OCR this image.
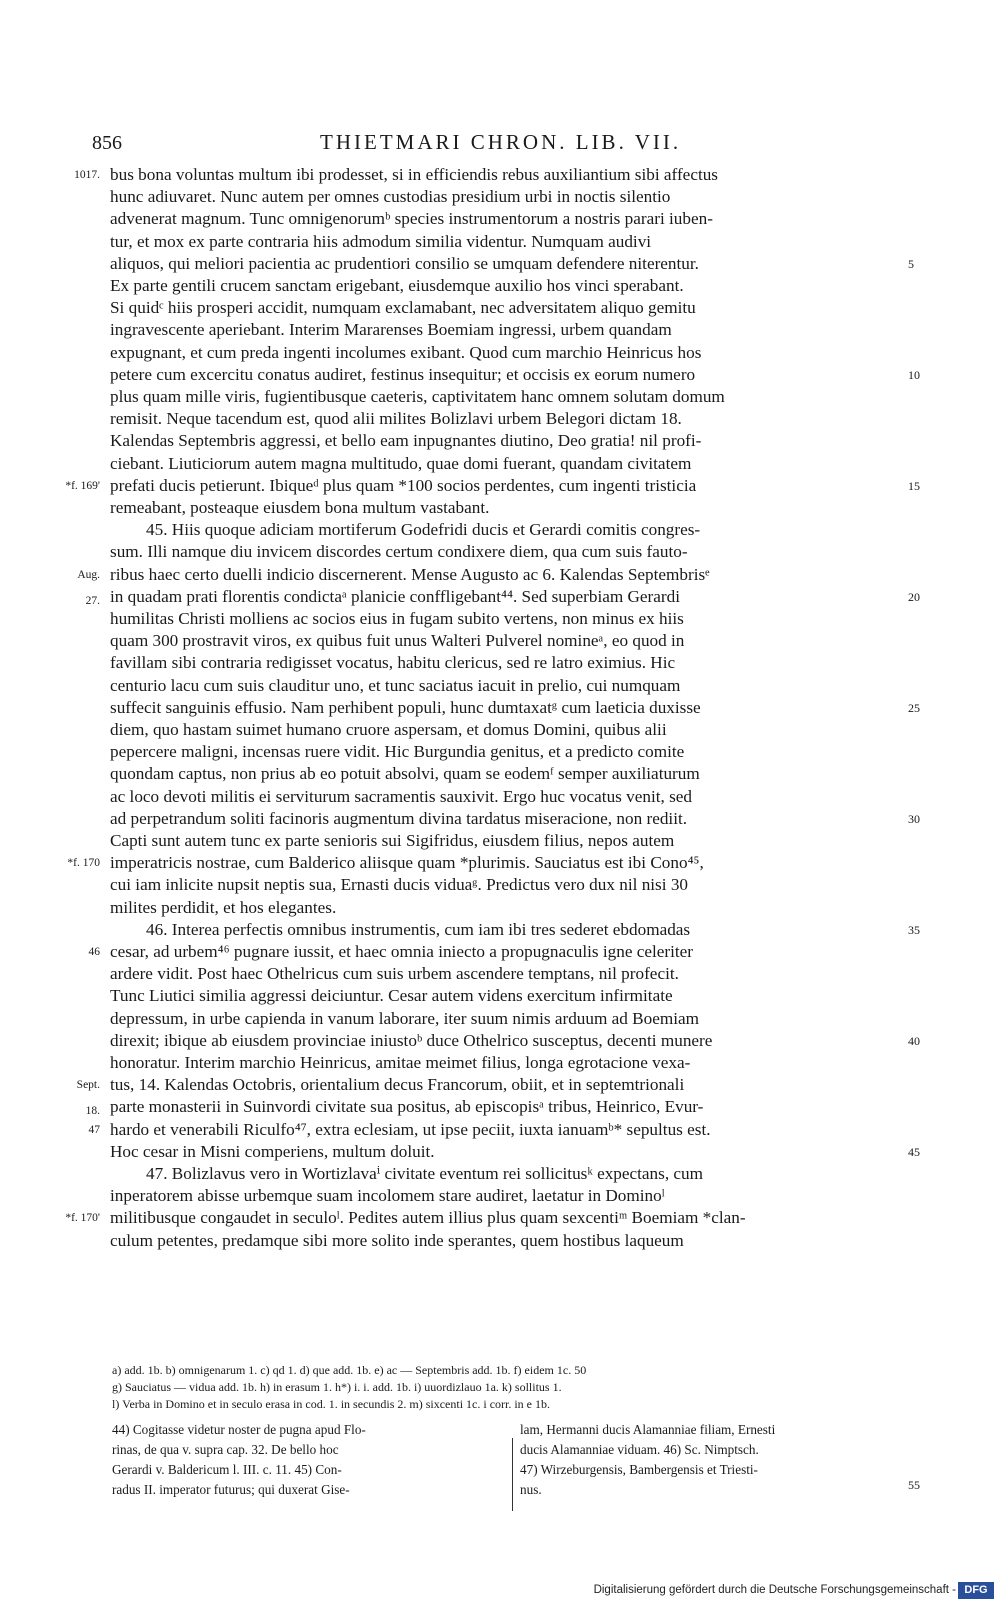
856	THIETMARI CHRON. LIB. VII.
bus bona voluntas multum ibi prodesset, si in efficiendis rebus auxiliantium sibi affectus
hunc adiuvaret. Nunc autem per omnes custodias presidium urbi in noctis silentio
advenerat magnum. Tunc omnigenorumᵇ species instrumentorum a nostris parari iuben-
tur, et mox ex parte contraria hiis admodum similia videntur. Numquam audivi
aliquos, qui meliori pacientia ac prudentiori consilio se umquam defendere niterentur.
Ex parte gentili crucem sanctam erigebant, eiusdemque auxilio hos vinci sperabant.
Si quidᶜ hiis prosperi accidit, numquam exclamabant, nec adversitatem aliquo gemitu
ingravescente aperiebant. Interim Mararenses Boemiam ingressi, urbem quandam
expugnant, et cum preda ingenti incolumes exibant. Quod cum marchio Heinricus hos
petere cum excercitu conatus audiret, festinus insequitur; et occisis ex eorum numero
plus quam mille viris, fugientibusque caeteris, captivitatem hanc omnem solutam domum
remisit. Neque tacendum est, quod alii milites Bolizlavi urbem Belegori dictam 18.
Kalendas Septembris aggressi, et bello eam inpugnantes diutino, Deo gratia! nil profi-
ciebant. Liuticiorum autem magna multitudo, quae domi fuerant, quandam civitatem
prefati ducis petierunt. Ibiqueᵈ plus quam *100 socios perdentes, cum ingenti tristicia
remeabant, posteaque eiusdem bona multum vastabant.
45. Hiis quoque adiciam mortiferum Godefridi ducis et Gerardi comitis congres-
sum. Illi namque diu invicem discordes certum condixere diem, qua cum suis fauto-
ribus haec certo duelli indicio discernerent. Mense Augusto ac 6. Kalendas Septembrisᵉ
in quadam prati florentis condictaᵃ planicie conffligebant⁴⁴. Sed superbiam Gerardi
humilitas Christi molliens ac socios eius in fugam subito vertens, non minus ex hiis
quam 300 prostravit viros, ex quibus fuit unus Walteri Pulverel nomineᵃ, eo quod in
favillam sibi contraria redigisset vocatus, habitu clericus, sed re latro eximius. Hic
centurio lacu cum suis clauditur uno, et tunc saciatus iacuit in prelio, cui numquam
suffecit sanguinis effusio. Nam perhibent populi, hunc dumtaxatᵍ cum laeticia duxisse
diem, quo hastam suimet humano cruore aspersam, et domus Domini, quibus alii
pepercere maligni, incensas ruere vidit. Hic Burgundia genitus, et a predicto comite
quondam captus, non prius ab eo potuit absolvi, quam se eodemᶠ semper auxiliaturum
ac loco devoti militis ei serviturum sacramentis sauxivit. Ergo huc vocatus venit, sed
ad perpetrandum soliti facinoris augmentum divina tardatus miseracione, non rediit.
Capti sunt autem tunc ex parte senioris sui Sigifridus, eiusdem filius, nepos autem
imperatricis nostrae, cum Balderico aliisque quam *plurimis. Sauciatus est ibi Cono⁴⁵,
cui iam inlicite nupsit neptis sua, Ernasti ducis viduaᵍ. Predictus vero dux nil nisi 30
milites perdidit, et hos elegantes.
46. Interea perfectis omnibus instrumentis, cum iam ibi tres sederet ebdomadas
cesar, ad urbem⁴⁶ pugnare iussit, et haec omnia iniecto a propugnaculis igne celeriter
ardere vidit. Post haec Othelricus cum suis urbem ascendere temptans, nil profecit.
Tunc Liutici similia aggressi deiciuntur. Cesar autem videns exercitum infirmitate
depressum, in urbe capienda in vanum laborare, iter suum nimis arduum ad Boemiam
direxit; ibique ab eiusdem provinciae iniustoᵇ duce Othelrico susceptus, decenti munere
honoratur. Interim marchio Heinricus, amitae meimet filius, longa egrotacione vexa-
tus, 14. Kalendas Octobris, orientalium decus Francorum, obiit, et in septemtrionali
parte monasterii in Suinvordi civitate sua positus, ab episcopisᵃ tribus, Heinrico, Evur-
hardo et venerabili Riculfo⁴⁷, extra eclesiam, ut ipse peciit, iuxta ianuamᵇ* sepultus est.
Hoc cesar in Misni comperiens, multum doluit.
47. Bolizlavus vero in Wortizlavaⁱ civitate eventum rei sollicitusᵏ expectans, cum
inperatorem abisse urbemque suam incolomem stare audiret, laetatur in Dominoˡ
militibusque congaudet in seculoˡ. Pedites autem illius plus quam sexcentiᵐ Boemiam *clan-
culum petentes, predamque sibi more solito inde sperantes, quem hostibus laqueum
5
10
15
20
25
30
35
40
45
1017.
*f. 169'
Aug.
27.
*f. 170
46
Sept.
18.
47
*f. 170'
a) add. 1b. b) omnigenarum 1. c) qd 1. d) que add. 1b. e) ac — Septembris add. 1b. f) eidem 1c. 50
g) Sauciatus — vidua add. 1b. h) in erasum 1. h*) i. i. add. 1b. i) uuordizlauo 1a. k) sollitus 1.
l) Verba in Domino et in seculo erasa in cod. 1. in secundis 2. m) sixcenti 1c. i corr. in e 1b.
44) Cogitasse videtur noster de pugna apud Flo-
rinas, de qua v. supra cap. 32. De bello hoc
Gerardi v. Baldericum l. III. c. 11. 45) Con-
radus II. imperator futurus; qui duxerat Gise-
lam, Hermanni ducis Alamanniae filiam, Ernesti
ducis Alamanniae viduam. 46) Sc. Nimptsch.
47) Wirzeburgensis, Bambergensis et Triesti-
nus.	55
Digitalisierung gefördert durch die Deutsche Forschungsgemeinschaft - DFG
